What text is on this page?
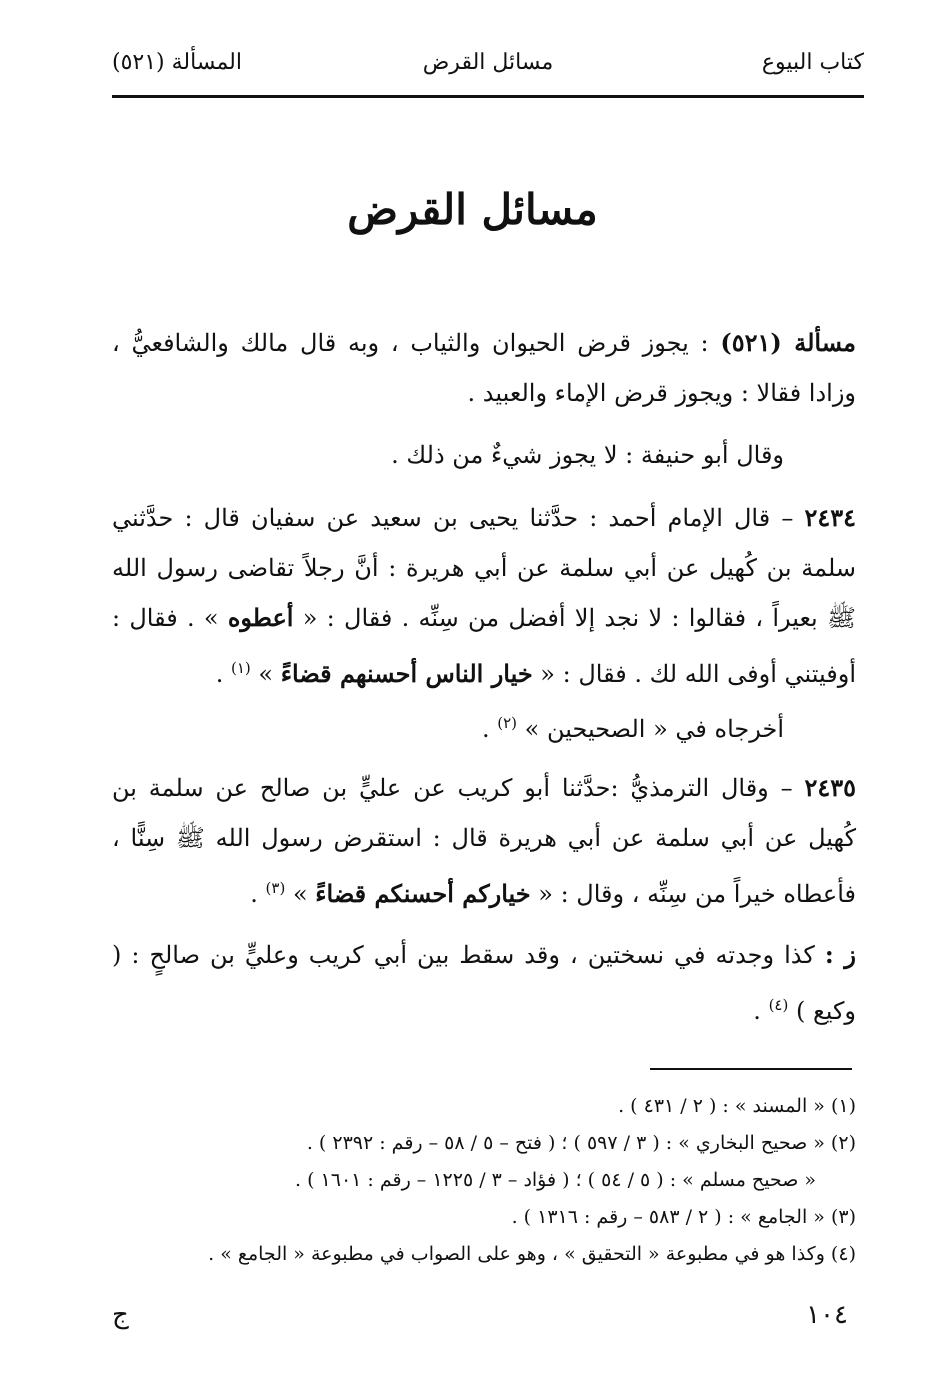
كتاب البيوع
مسائل القرض
المسألة (٥٢١)
مسائل القرض
مسألة (٥٢١) : يجوز قرض الحيوان والثياب ، وبه قال مالك والشافعيُّ ، وزادا فقالا : ويجوز قرض الإماء والعبيد .
وقال أبو حنيفة : لا يجوز شيءٌ من ذلك .
٢٤٣٤ – قال الإمام أحمد : حدَّثنا يحيى بن سعيد عن سفيان قال : حدَّثني سلمة بن كُهيل عن أبي سلمة عن أبي هريرة : أنَّ رجلاً تقاضى رسول الله ﷺ بعيراً ، فقالوا : لا نجد إلا أفضل من سِنِّه . فقال : « أعطوه » . فقال : أوفيتني أوفى الله لك . فقال : « خيار الناس أحسنهم قضاءً » $^{(١)}$ .
أخرجاه في « الصحيحين » $^{(٢)}$ .
٢٤٣٥ – وقال الترمذيُّ :حدَّثنا أبو كريب عن عليٍّ بن صالح عن سلمة بن كُهيل عن أبي سلمة عن أبي هريرة قال : استقرض رسول الله ﷺ سِنًّا ، فأعطاه خيراً من سِنِّه ، وقال : « خياركم أحسنكم قضاءً » $^{(٣)}$ .
ز : كذا وجدته في نسختين ، وقد سقط بين أبي كريب وعليٍّ بن صالحٍ : ( وكيع ) $^{(٤)}$ .
(١) « المسند » : ( ٢ / ٤٣١ ) .
(٢) « صحيح البخاري » : ( ٣ / ٥٩٧ ) ؛ ( فتح – ٥ / ٥٨ – رقم : ٢٣٩٢ ) .
« صحيح مسلم » : ( ٥ / ٥٤ ) ؛ ( فؤاد – ٣ / ١٢٢٥ – رقم : ١٦٠١ ) .
(٣) « الجامع » : ( ٢ / ٥٨٣ – رقم : ١٣١٦ ) .
(٤) وكذا هو في مطبوعة « التحقيق » ، وهو على الصواب في مطبوعة « الجامع » .
١٠٤
ج
